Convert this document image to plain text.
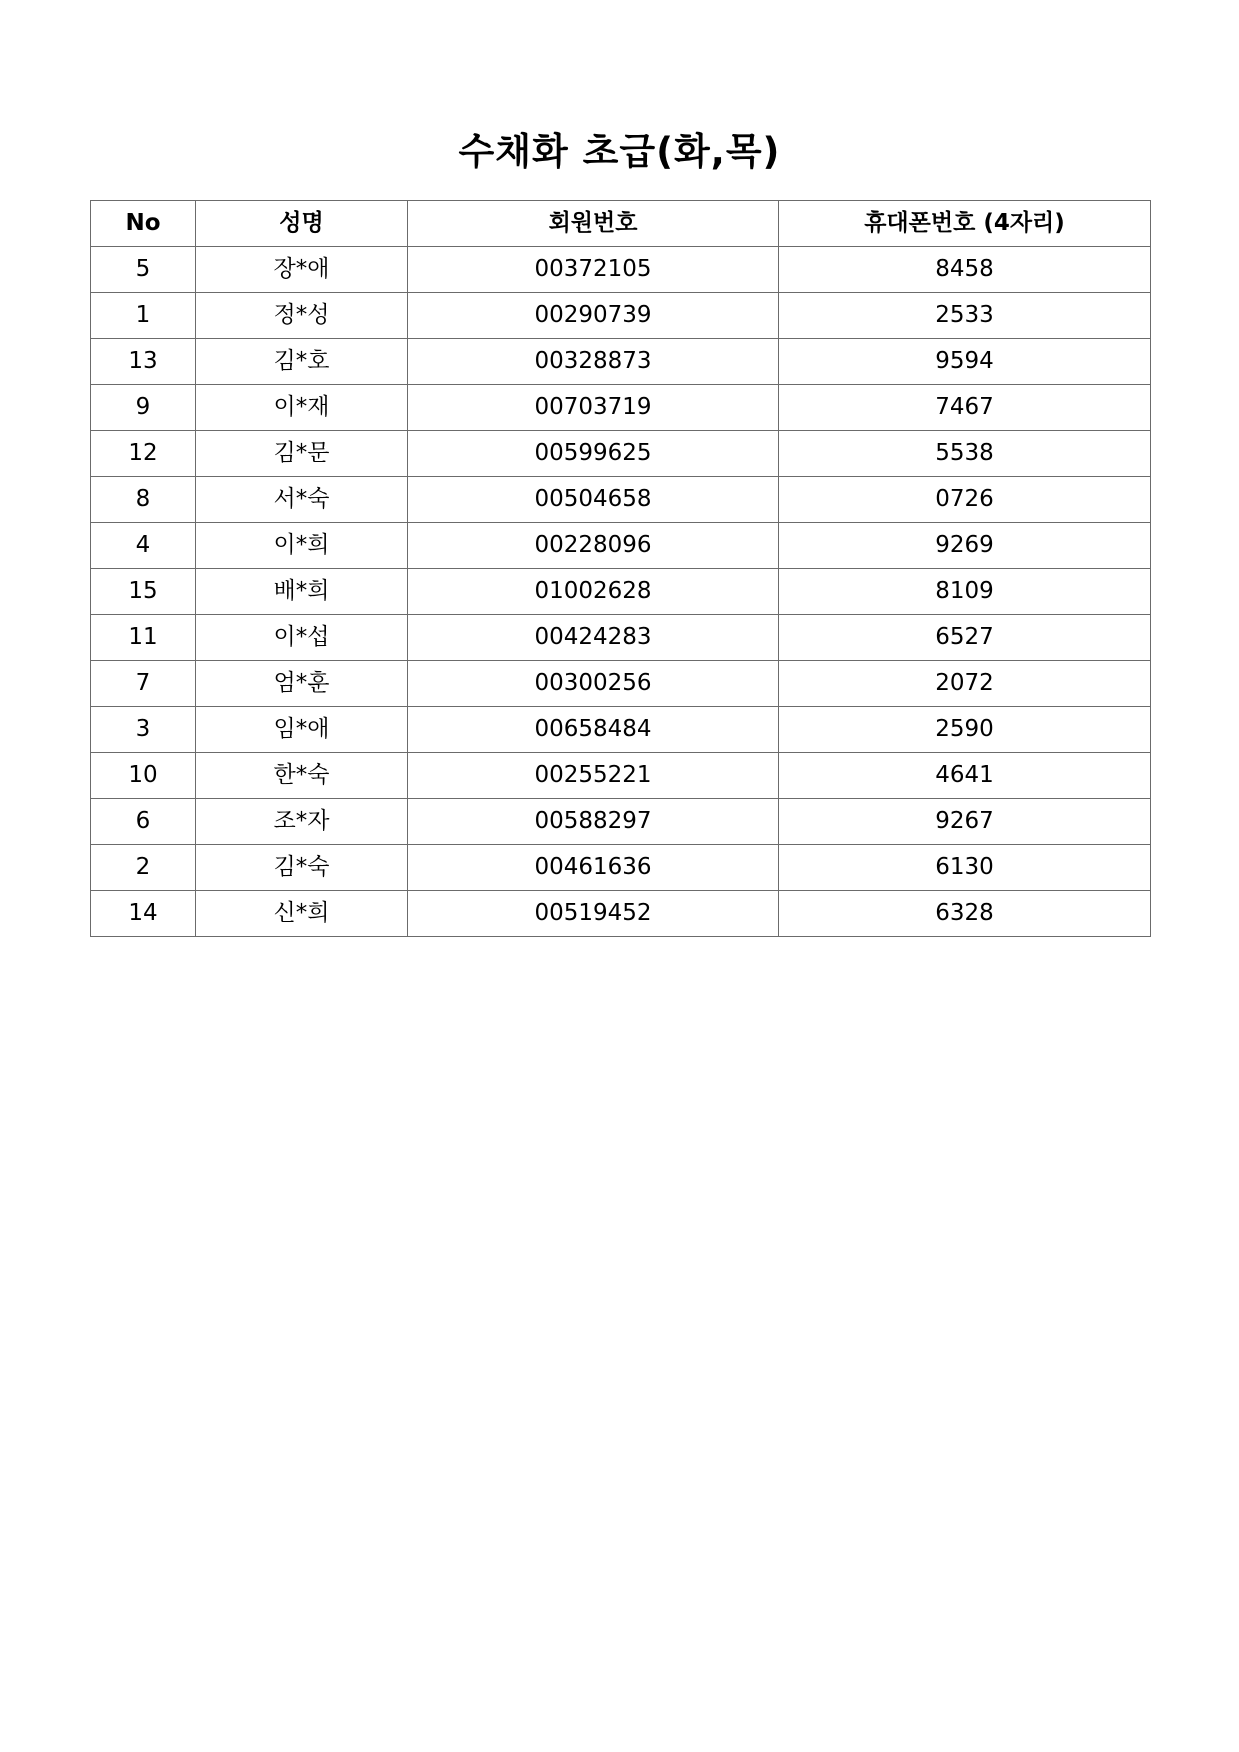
수채화 초급(화,목)
No	성명	회원번호	휴대폰번호 (4자리)
5	장*애	00372105	8458
1	정*성	00290739	2533
13	김*호	00328873	9594
9	이*재	00703719	7467
12	김*문	00599625	5538
8	서*숙	00504658	0726
4	이*희	00228096	9269
15	배*희	01002628	8109
11	이*섭	00424283	6527
7	엄*훈	00300256	2072
3	임*애	00658484	2590
10	한*숙	00255221	4641
6	조*자	00588297	9267
2	김*숙	00461636	6130
14	신*희	00519452	6328
